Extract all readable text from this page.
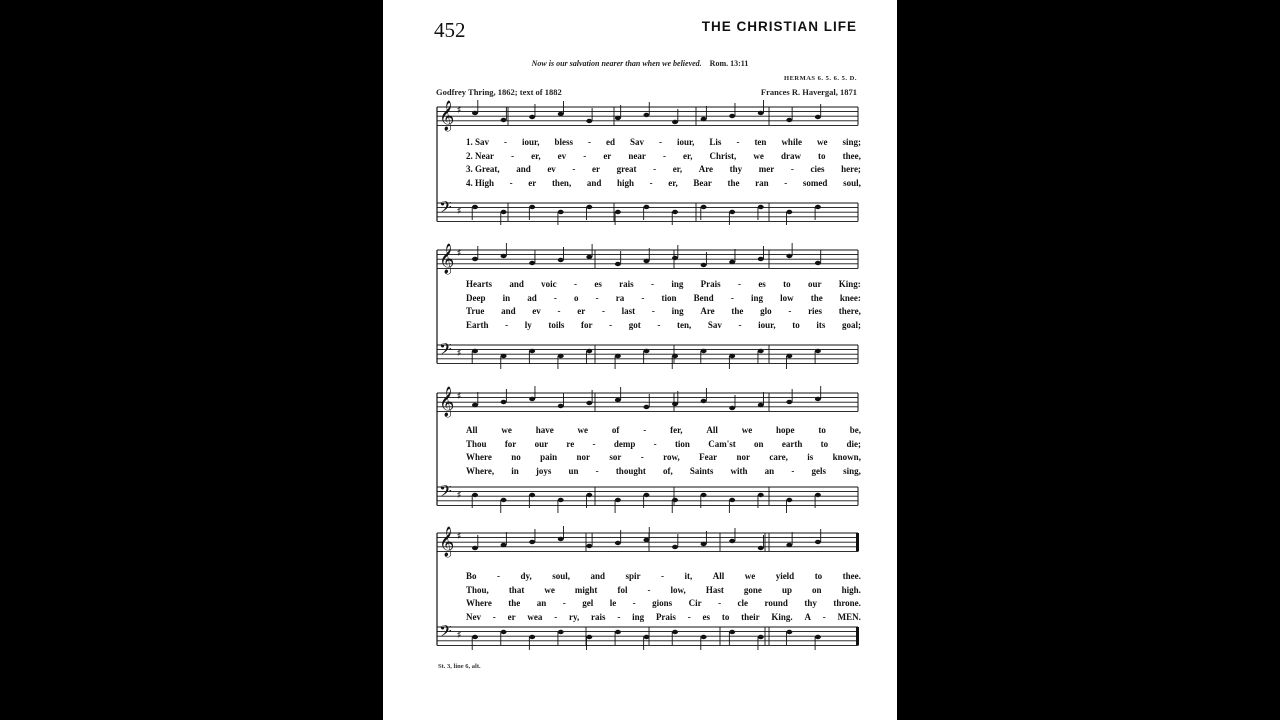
452	THE CHRISTIAN LIFE
Now is our salvation nearer than when we believed. Rom. 13:11
HERMAS 6. 5. 6. 5. D.
Godfrey Thring, 1862; text of 1882	Frances R. Havergal, 1871
𝄞
𝄢
♯
♯
𝄞
𝄢
♯
♯
𝄞
𝄢
♯
♯
𝄞
𝄢
♯
♯
1. Sav - iour, bless - ed Sav - iour, Lis - ten while we sing;
2. Near - er, ev - er near - er, Christ, we draw to thee,
3. Great, and ev - er great - er, Are thy mer - cies here;
4. High - er then, and high - er, Bear the ran - somed soul,
Hearts and voic - es rais - ing Prais - es to our King:
Deep in ad - o - ra - tion Bend - ing low the knee:
True and ev - er - last - ing Are the glo - ries there,
Earth - ly toils for - got - ten, Sav - iour, to its goal;
All	we	have	we	of	-	fer,	All	we	hope	to	be,
Thou for our re - demp - tion Cam'st on earth to die;
Where no pain nor sor - row, Fear nor care, is known,
Where, in joys un - thought of, Saints with an - gels sing,
Bo - dy, soul, and spir - it, All we yield to thee.
Thou, that we might fol - low, Hast gone up on high.
Where the an - gel le - gions Cir - cle round thy throne.
Nev - er wea - ry, rais - ing Prais - es to their King. A - MEN.
St. 3, line 6, alt.
